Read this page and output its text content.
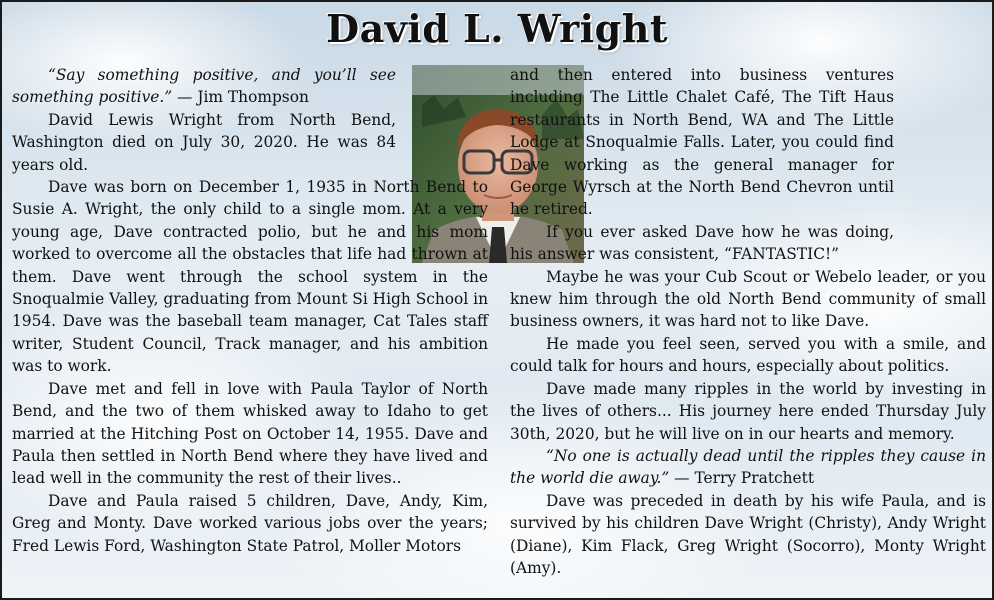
David L. Wright

“Say something positive, and you’ll see something positive.” — Jim Thompson

David Lewis Wright from North Bend, Washington died on July 30, 2020. He was 84 years old.

Dave was born on December 1, 1935 in North Bend to Susie A. Wright, the only child to a single mom. At a very young age, Dave contracted polio, but he and his mom worked to overcome all the obstacles that life had thrown at them. Dave went through the school system in the Snoqualmie Valley, graduating from Mount Si High School in 1954. Dave was the baseball team manager, Cat Tales staff writer, Student Council, Track manager, and his ambition was to work.

Dave met and fell in love with Paula Taylor of North Bend, and the two of them whisked away to Idaho to get married at the Hitching Post on October 14, 1955. Dave and Paula then settled in North Bend where they have lived and lead well in the community the rest of their lives..

Dave and Paula raised 5 children, Dave, Andy, Kim, Greg and Monty. Dave worked various jobs over the years; Fred Lewis Ford, Washington State Patrol, Moller Motors

and then entered into business ventures including The Little Chalet Café, The Tift Haus restaurants in North Bend, WA and The Little Lodge at Snoqualmie Falls. Later, you could find Dave working as the general manager for George Wyrsch at the North Bend Chevron until he retired.

If you ever asked Dave how he was doing, his answer was consistent, “FANTASTIC!”

Maybe he was your Cub Scout or Webelo leader, or you knew him through the old North Bend community of small business owners, it was hard not to like Dave.

He made you feel seen, served you with a smile, and could talk for hours and hours, especially about politics.

Dave made many ripples in the world by investing in the lives of others... His journey here ended Thursday July 30th, 2020, but he will live on in our hearts and memory.

“No one is actually dead until the ripples they cause in the world die away.” — Terry Pratchett

Dave was preceded in death by his wife Paula, and is survived by his children Dave Wright (Christy), Andy Wright (Diane), Kim Flack, Greg Wright (Socorro), Monty Wright (Amy).
